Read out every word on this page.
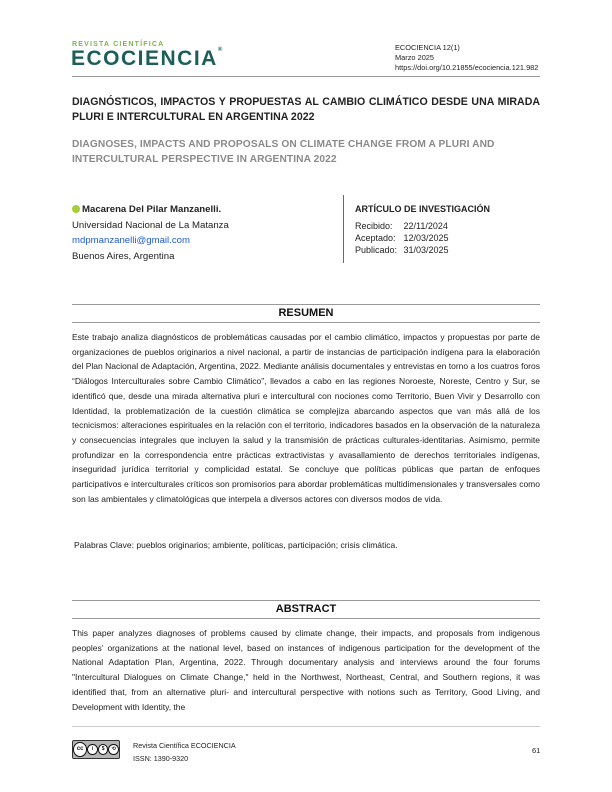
REVISTA CIENTÍFICA
ECOCIENCIA®	ECOCIENCIA 12(1)
Marzo 2025
https://doi.org/10.21855/ecociencia.121.982
DIAGNÓSTICOS, IMPACTOS Y PROPUESTAS AL CAMBIO CLIMÁTICO DESDE UNA MIRADA PLURI E INTERCULTURAL EN ARGENTINA 2022
DIAGNOSES, IMPACTS AND PROPOSALS ON CLIMATE CHANGE FROM A PLURI AND INTERCULTURAL PERSPECTIVE IN ARGENTINA 2022
Macarena Del Pilar Manzanelli.
Universidad Nacional de La Matanza
mdpmanzanelli@gmail.com
Buenos Aires, Argentina
ARTÍCULO DE INVESTIGACIÓN
Recibido: 22/11/2024
Aceptado: 12/03/2025
Publicado: 31/03/2025
RESUMEN

Este trabajo analiza diagnósticos de problemáticas causadas por el cambio climático, impactos y propuestas por parte de organizaciones de pueblos originarios a nivel nacional, a partir de instancias de participación indígena para la elaboración del Plan Nacional de Adaptación, Argentina, 2022. Mediante análisis documentales y entrevistas en torno a los cuatros foros “Diálogos Interculturales sobre Cambio Climático”, llevados a cabo en las regiones Noroeste, Noreste, Centro y Sur, se identificó que, desde una mirada alternativa pluri e intercultural con nociones como Territorio, Buen Vivir y Desarrollo con Identidad, la problematización de la cuestión climática se complejiza abarcando aspectos que van más allá de los tecnicismos: alteraciones espirituales en la relación con el territorio, indicadores basados en la observación de la naturaleza y consecuencias integrales que incluyen la salud y la transmisión de prácticas culturales-identitarias. Asimismo, permite profundizar en la correspondencia entre prácticas extractivistas y avasallamiento de derechos territoriales indígenas, inseguridad jurídica territorial y complicidad estatal. Se concluye que políticas públicas que partan de enfoques participativos e interculturales críticos son promisorios para abordar problemáticas multidimensionales y transversales como son las ambientales y climatológicas que interpela a diversos actores con diversos modos de vida.

Palabras Clave: pueblos originarios; ambiente, políticas, participación; crisis climática.
ABSTRACT

This paper analyzes diagnoses of problems caused by climate change, their impacts, and proposals from indigenous peoples’ organizations at the national level, based on instances of indigenous participation for the development of the National Adaptation Plan, Argentina, 2022. Through documentary analysis and interviews around the four forums "Intercultural Dialogues on Climate Change," held in the Northwest, Northeast, Central, and Southern regions, it was identified that, from an alternative pluri- and intercultural perspective with notions such as Territory, Good Living, and Development with Identity, the

cc	i	$	⟲	Revista Científica ECOCIENCIA
ISSN: 1390-9320
61
